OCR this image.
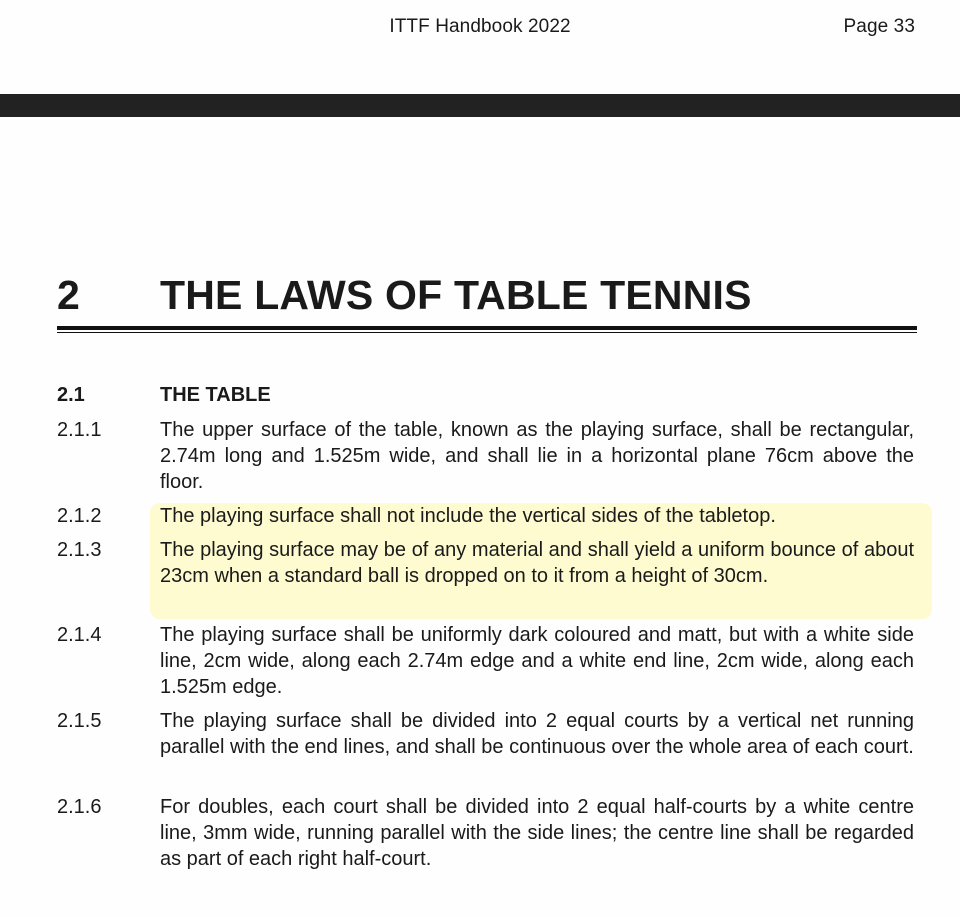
ITTF Handbook 2022	Page 33
2 THE LAWS OF TABLE TENNIS
2.1	THE TABLE
2.1.1	The upper surface of the table, known as the playing surface, shall be rectangular, 2.74m long and 1.525m wide, and shall lie in a horizontal plane 76cm above the floor.
2.1.2	The playing surface shall not include the vertical sides of the tabletop.
2.1.3	The playing surface may be of any material and shall yield a uniform bounce of about 23cm when a standard ball is dropped on to it from a height of 30cm.
2.1.4	The playing surface shall be uniformly dark coloured and matt, but with a white side line, 2cm wide, along each 2.74m edge and a white end line, 2cm wide, along each 1.525m edge.
2.1.5	The playing surface shall be divided into 2 equal courts by a vertical net running parallel with the end lines, and shall be continuous over the whole area of each court.
2.1.6	For doubles, each court shall be divided into 2 equal half-courts by a white centre line, 3mm wide, running parallel with the side lines; the centre line shall be regarded as part of each right half-court.
